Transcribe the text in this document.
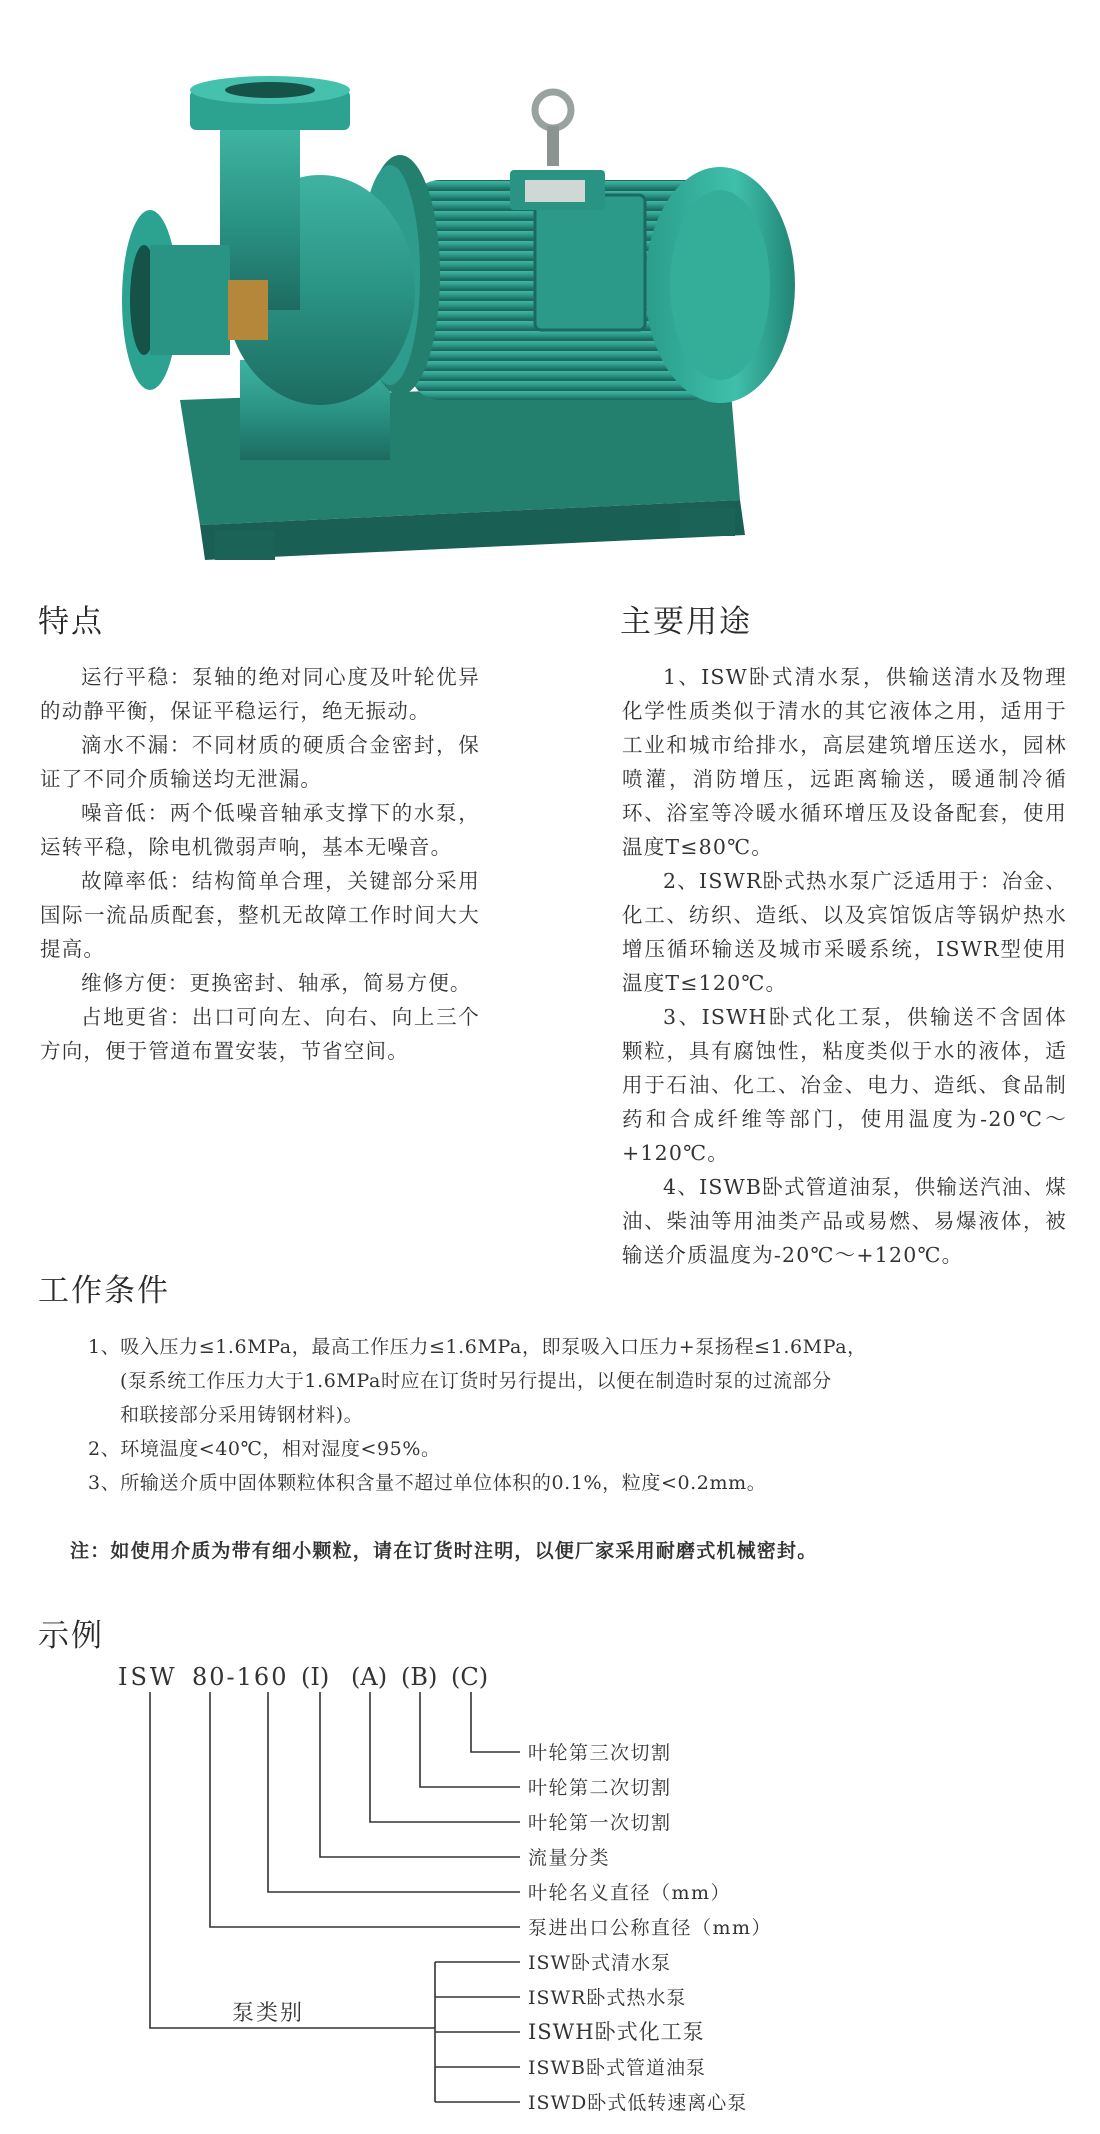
特点	主要用途

运行平稳：泵轴的绝对同心度及叶轮优异的动静平衡，保证平稳运行，绝无振动。

滴水不漏：不同材质的硬质合金密封，保证了不同介质输送均无泄漏。

噪音低：两个低噪音轴承支撑下的水泵，运转平稳，除电机微弱声响，基本无噪音。

故障率低：结构简单合理，关键部分采用国际一流品质配套，整机无故障工作时间大大提高。

维修方便：更换密封、轴承，简易方便。

占地更省：出口可向左、向右、向上三个方向，便于管道布置安装，节省空间。

1、ISW卧式清水泵，供输送清水及物理化学性质类似于清水的其它液体之用，适用于工业和城市给排水，高层建筑增压送水，园林喷灌，消防增压，远距离输送，暖通制冷循环、浴室等冷暖水循环增压及设备配套，使用温度T≤80℃。

2、ISWR卧式热水泵广泛适用于：冶金、化工、纺织、造纸、以及宾馆饭店等锅炉热水增压循环输送及城市采暖系统，ISWR型使用温度T≤120℃。

3、ISWH卧式化工泵，供输送不含固体颗粒，具有腐蚀性，粘度类似于水的液体，适用于石油、化工、冶金、电力、造纸、食品制药和合成纤维等部门，使用温度为-20℃～+120℃。

4、ISWB卧式管道油泵，供输送汽油、煤油、柴油等用油类产品或易燃、易爆液体，被输送介质温度为-20℃～+120℃。

工作条件

1、吸入压力≤1.6MPa，最高工作压力≤1.6MPa，即泵吸入口压力+泵扬程≤1.6MPa，

(泵系统工作压力大于1.6MPa时应在订货时另行提出，以便在制造时泵的过流部分

和联接部分采用铸钢材料)。

2、环境温度<40℃，相对湿度<95%。

3、所输送介质中固体颗粒体积含量不超过单位体积的0.1%，粒度<0.2mm。

注：如使用介质为带有细小颗粒，请在订货时注明，以便厂家采用耐磨式机械密封。
示例
ISW 80-160 (I) (A) (B) (C)
叶轮第三次切割
叶轮第二次切割
叶轮第一次切割
流量分类
叶轮名义直径（mm）
泵进出口公称直径（mm）
泵类别
ISW卧式清水泵
ISWR卧式热水泵
ISWH卧式化工泵
ISWB卧式管道油泵
ISWD卧式低转速离心泵
